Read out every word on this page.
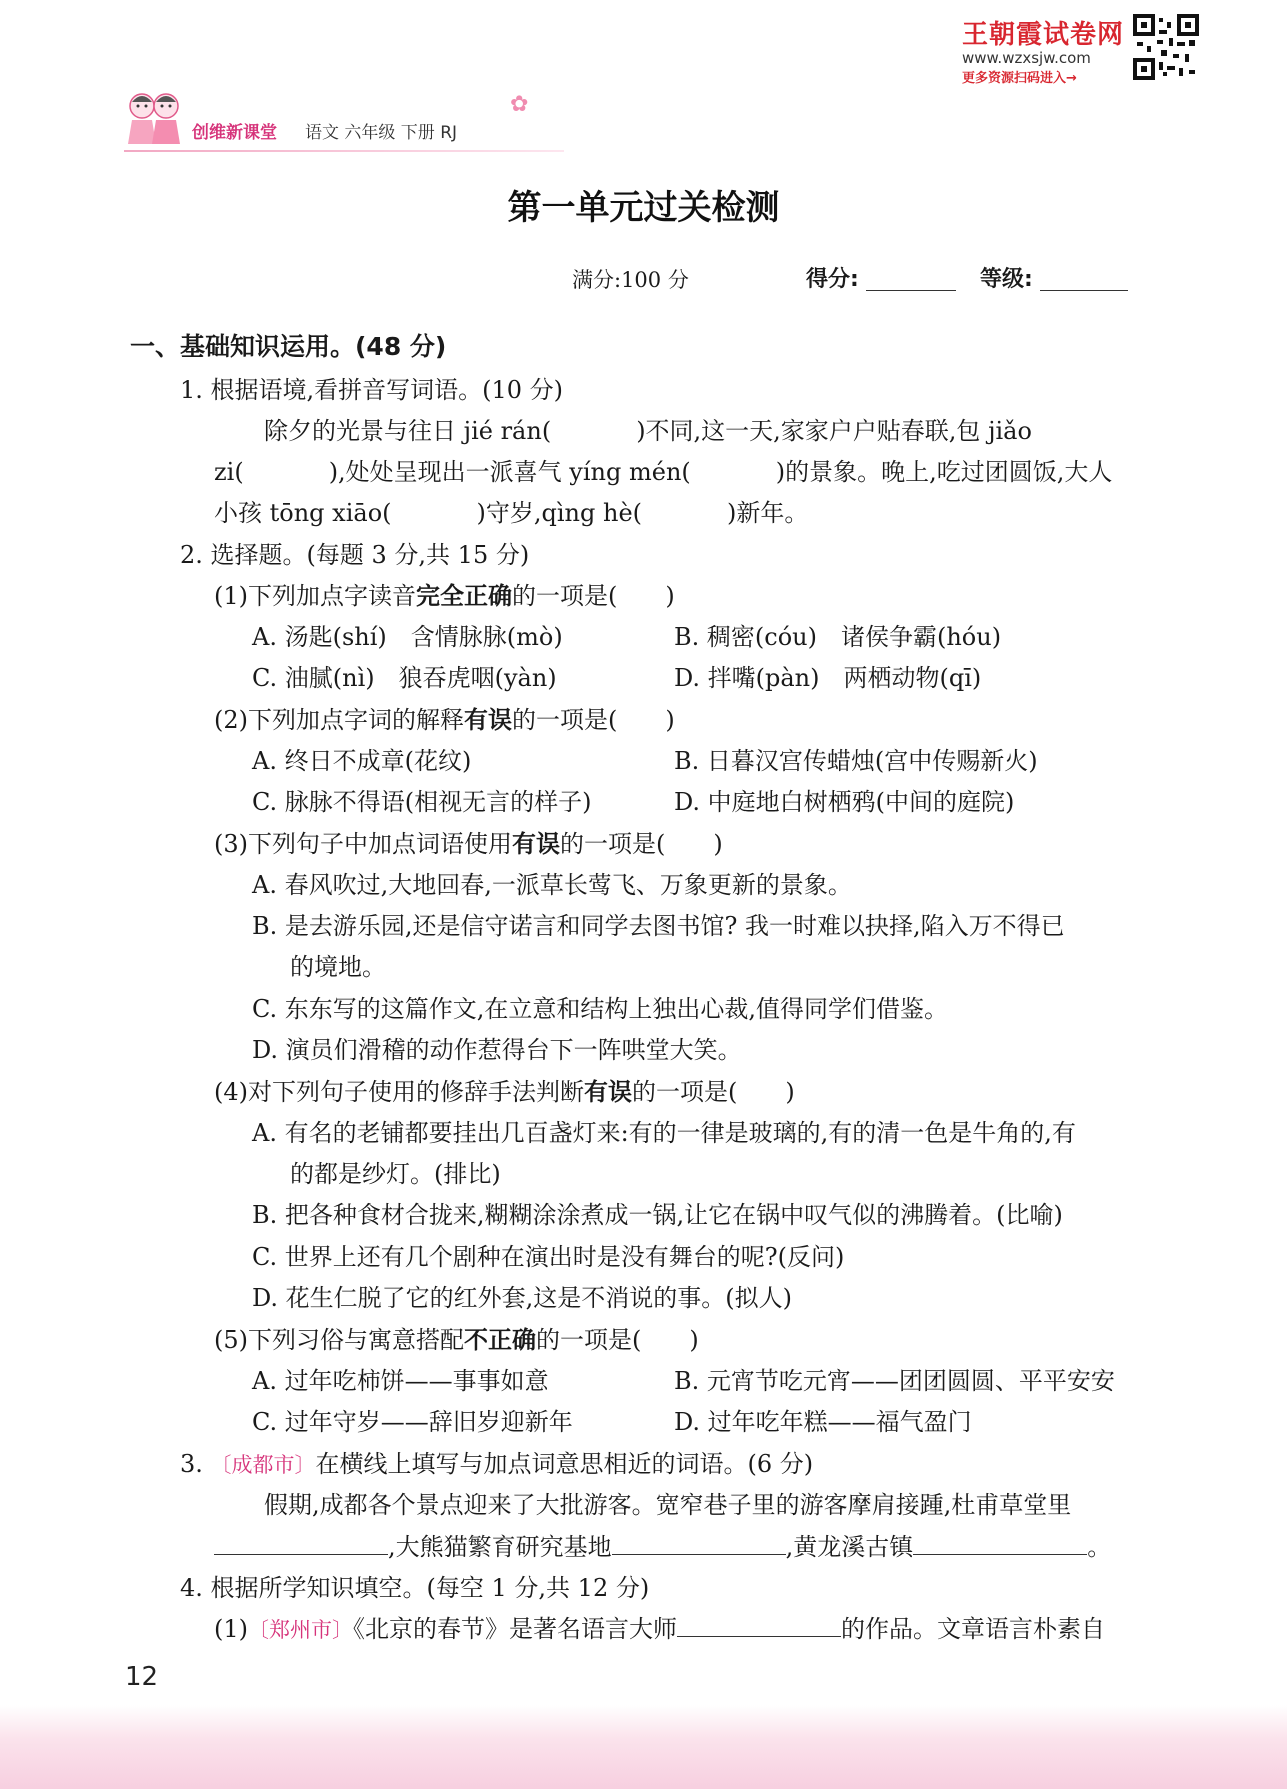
王朝霞试卷网
www.wzxsjw.com
更多资源扫码进入→
创维新课堂 语文 六年级 下册 RJ
✿
第一单元过关检测
满分:100 分	得分:	等级:
一、基础知识运用。(48 分)
1. 根据语境,看拼音写词语。(10 分)
除夕的光景与往日 jié rán(	)不同,这一天,家家户户贴春联,包 jiǎo
zi(	),处处呈现出一派喜气 yíng mén(	)的景象。晚上,吃过团圆饭,大人
小孩 tōng xiāo(	)守岁,qìng hè(	)新年。
2. 选择题。(每题 3 分,共 15 分)
(1)下列加点字读音完全正确的一项是(　　)
A. 汤匙(shí)　含情脉脉(mò)	B. 稠密(cóu)　诸侯争霸(hóu)
C. 油腻(nì)　狼吞虎咽(yàn)	D. 拌嘴(pàn)　两栖动物(qī)
(2)下列加点字词的解释有误的一项是(　　)
A. 终日不成章(花纹)	B. 日暮汉宫传蜡烛(宫中传赐新火)
C. 脉脉不得语(相视无言的样子)	D. 中庭地白树栖鸦(中间的庭院)
(3)下列句子中加点词语使用有误的一项是(　　)
A. 春风吹过,大地回春,一派草长莺飞、万象更新的景象。
B. 是去游乐园,还是信守诺言和同学去图书馆? 我一时难以抉择,陷入万不得已
的境地。
C. 东东写的这篇作文,在立意和结构上独出心裁,值得同学们借鉴。
D. 演员们滑稽的动作惹得台下一阵哄堂大笑。
(4)对下列句子使用的修辞手法判断有误的一项是(　　)
A. 有名的老铺都要挂出几百盏灯来:有的一律是玻璃的,有的清一色是牛角的,有
的都是纱灯。(排比)
B. 把各种食材合拢来,糊糊涂涂煮成一锅,让它在锅中叹气似的沸腾着。(比喻)
C. 世界上还有几个剧种在演出时是没有舞台的呢?(反问)
D. 花生仁脱了它的红外套,这是不消说的事。(拟人)
(5)下列习俗与寓意搭配不正确的一项是(　　)
A. 过年吃柿饼——事事如意	B. 元宵节吃元宵——团团圆圆、平平安安
C. 过年守岁——辞旧岁迎新年	D. 过年吃年糕——福气盈门
3. 〔成都市〕在横线上填写与加点词意思相近的词语。(6 分)
假期,成都各个景点迎来了大批游客。宽窄巷子里的游客摩肩接踵,杜甫草堂里
,大熊猫繁育研究基地	,黄龙溪古镇	。
4. 根据所学知识填空。(每空 1 分,共 12 分)
(1)〔郑州市〕《北京的春节》是著名语言大师	的作品。文章语言朴素自
12
